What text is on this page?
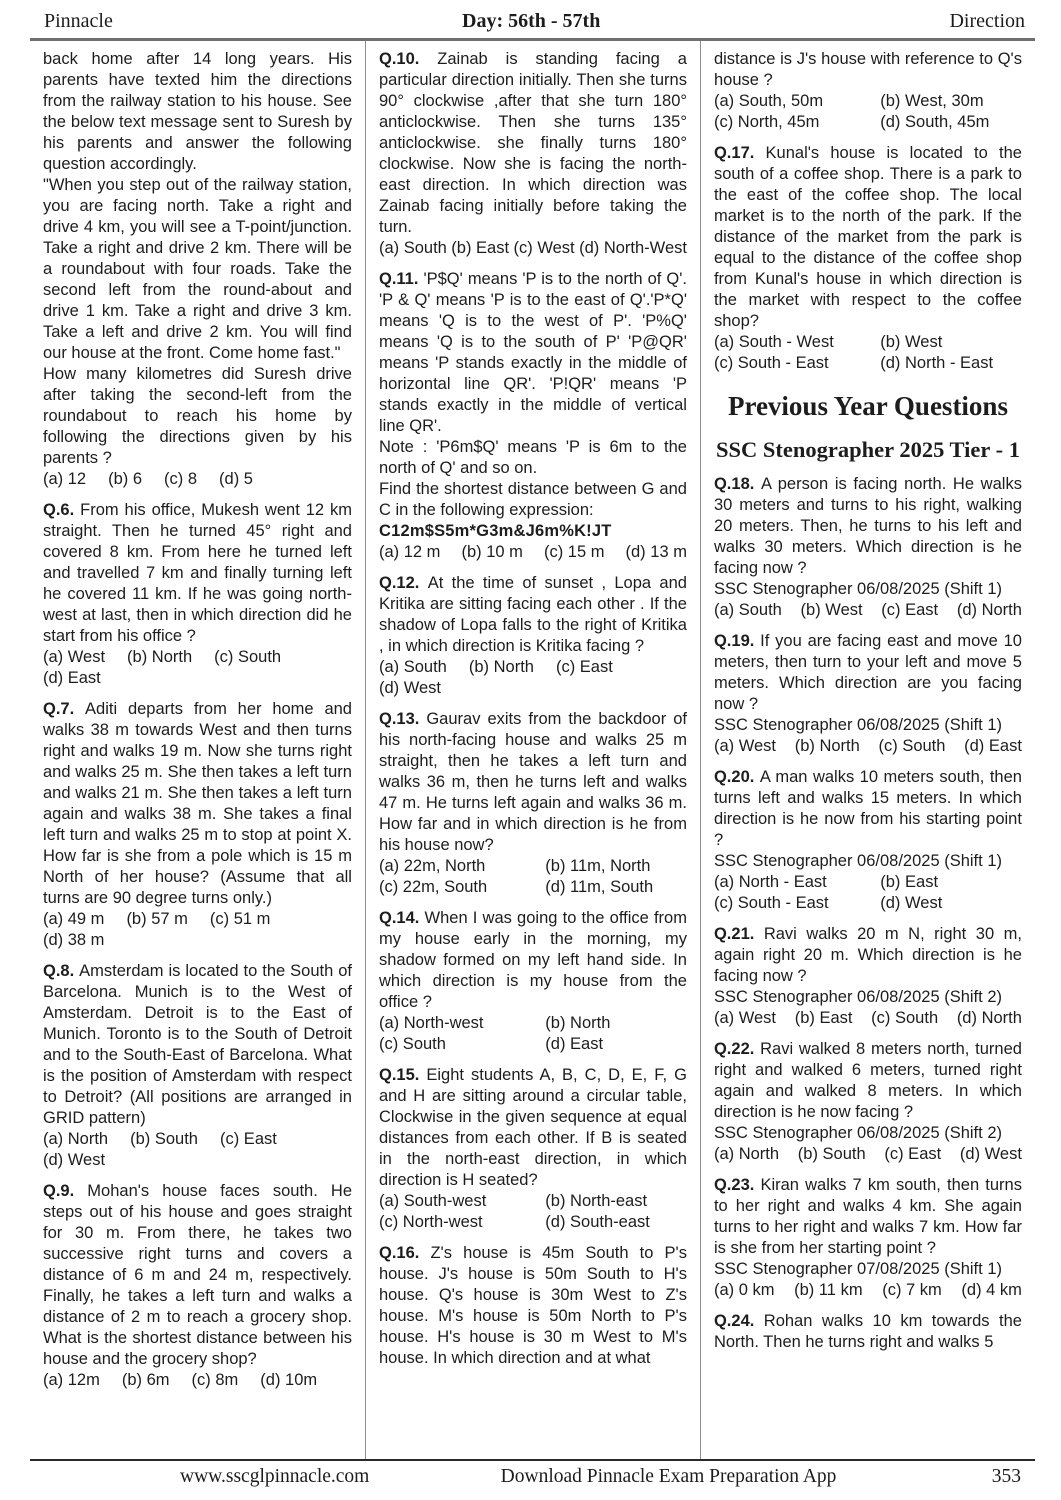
Pinnacle	Day: 56th - 57th	Direction
back home after 14 long years. His parents have texted him the directions from the railway station to his house. See the below text message sent to Suresh by his parents and answer the following question accordingly.
"When you step out of the railway station, you are facing north. Take a right and drive 4 km, you will see a T-point/junction. Take a right and drive 2 km. There will be a roundabout with four roads. Take the second left from the round-about and drive 1 km. Take a right and drive 3 km. Take a left and drive 2 km. You will find our house at the front. Come home fast."
How many kilometres did Suresh drive after taking the second-left from the roundabout to reach his home by following the directions given by his parents ?
(a) 12 (b) 6 (c) 8 (d) 5
Q.6. From his office, Mukesh went 12 km straight. Then he turned 45° right and covered 8 km. From here he turned left and travelled 7 km and finally turning left he covered 11 km. If he was going north-west at last, then in which direction did he start from his office ?
(a) West (b) North (c) South
(d) East
Q.7. Aditi departs from her home and walks 38 m towards West and then turns right and walks 19 m. Now she turns right and walks 25 m. She then takes a left turn and walks 21 m. She then takes a left turn again and walks 38 m. She takes a final left turn and walks 25 m to stop at point X. How far is she from a pole which is 15 m North of her house? (Assume that all turns are 90 degree turns only.)
(a) 49 m (b) 57 m (c) 51 m
(d) 38 m
Q.8. Amsterdam is located to the South of Barcelona. Munich is to the West of Amsterdam. Detroit is to the East of Munich. Toronto is to the South of Detroit and to the South-East of Barcelona. What is the position of Amsterdam with respect to Detroit? (All positions are arranged in GRID pattern)
(a) North (b) South (c) East
(d) West
Q.9. Mohan's house faces south. He steps out of his house and goes straight for 30 m. From there, he takes two successive right turns and covers a distance of 6 m and 24 m, respectively. Finally, he takes a left turn and walks a distance of 2 m to reach a grocery shop. What is the shortest distance between his house and the grocery shop?
(a) 12m (b) 6m (c) 8m (d) 10m
Q.10. Zainab is standing facing a particular direction initially. Then she turns 90° clockwise ,after that she turn 180° anticlockwise. Then she turns 135° anticlockwise. she finally turns 180° clockwise. Now she is facing the north-east direction. In which direction was Zainab facing initially before taking the turn.
(a) South (b) East (c) West (d) North-West
Q.11. 'P$Q' means 'P is to the north of Q'. 'P & Q' means 'P is to the east of Q'.'P*Q' means 'Q is to the west of P'. 'P%Q' means 'Q is to the south of P' 'P@QR' means 'P stands exactly in the middle of horizontal line QR'. 'P!QR' means 'P stands exactly in the middle of vertical line QR'.
Note : 'P6m$Q' means 'P is 6m to the north of Q' and so on.
Find the shortest distance between G and C in the following expression:
C12m$S5m*G3m&J6m%K!JT
(a) 12 m (b) 10 m (c) 15 m (d) 13 m
Q.12. At the time of sunset , Lopa and Kritika are sitting facing each other . If the shadow of Lopa falls to the right of Kritika , in which direction is Kritika facing ?
(a) South (b) North (c) East
(d) West
Q.13. Gaurav exits from the backdoor of his north-facing house and walks 25 m straight, then he takes a left turn and walks 36 m, then he turns left and walks 47 m. He turns left again and walks 36 m. How far and in which direction is he from his house now?
(a) 22m, North	(b) 11m, North
(c) 22m, South	(d) 11m, South
Q.14. When I was going to the office from my house early in the morning, my shadow formed on my left hand side. In which direction is my house from the office ?
(a) North-west	(b) North
(c) South	(d) East
Q.15. Eight students A, B, C, D, E, F, G and H are sitting around a circular table, Clockwise in the given sequence at equal distances from each other. If B is seated in the north-east direction, in which direction is H seated?
(a) South-west	(b) North-east
(c) North-west	(d) South-east
Q.16. Z's house is 45m South to P's house. J's house is 50m South to H's house. Q's house is 30m West to Z's house. M's house is 50m North to P's house. H's house is 30 m West to M's house. In which direction and at what
distance is J's house with reference to Q's house ?
(a) South, 50m	(b) West, 30m
(c) North, 45m	(d) South, 45m
Q.17. Kunal's house is located to the south of a coffee shop. There is a park to the east of the coffee shop. The local market is to the north of the park. If the distance of the market from the park is equal to the distance of the coffee shop from Kunal's house in which direction is the market with respect to the coffee shop?
(a) South - West	(b) West
(c) South - East	(d) North - East
Previous Year Questions
SSC Stenographer 2025 Tier - 1
Q.18. A person is facing north. He walks 30 meters and turns to his right, walking 20 meters. Then, he turns to his left and walks 30 meters. Which direction is he facing now ?
SSC Stenographer 06/08/2025 (Shift 1)
(a) South (b) West (c) East (d) North
Q.19. If you are facing east and move 10 meters, then turn to your left and move 5 meters. Which direction are you facing now ?
SSC Stenographer 06/08/2025 (Shift 1)
(a) West (b) North (c) South (d) East
Q.20. A man walks 10 meters south, then turns left and walks 15 meters. In which direction is he now from his starting point ?
SSC Stenographer 06/08/2025 (Shift 1)
(a) North - East	(b) East
(c) South - East	(d) West
Q.21. Ravi walks 20 m N, right 30 m, again right 20 m. Which direction is he facing now ?
SSC Stenographer 06/08/2025 (Shift 2)
(a) West (b) East (c) South (d) North
Q.22. Ravi walked 8 meters north, turned right and walked 6 meters, turned right again and walked 8 meters. In which direction is he now facing ?
SSC Stenographer 06/08/2025 (Shift 2)
(a) North (b) South (c) East (d) West
Q.23. Kiran walks 7 km south, then turns to her right and walks 4 km. She again turns to her right and walks 7 km. How far is she from her starting point ?
SSC Stenographer 07/08/2025 (Shift 1)
(a) 0 km (b) 11 km (c) 7 km (d) 4 km
Q.24. Rohan walks 10 km towards the North. Then he turns right and walks 5
www.sscglpinnacle.com	Download Pinnacle Exam Preparation App	353
